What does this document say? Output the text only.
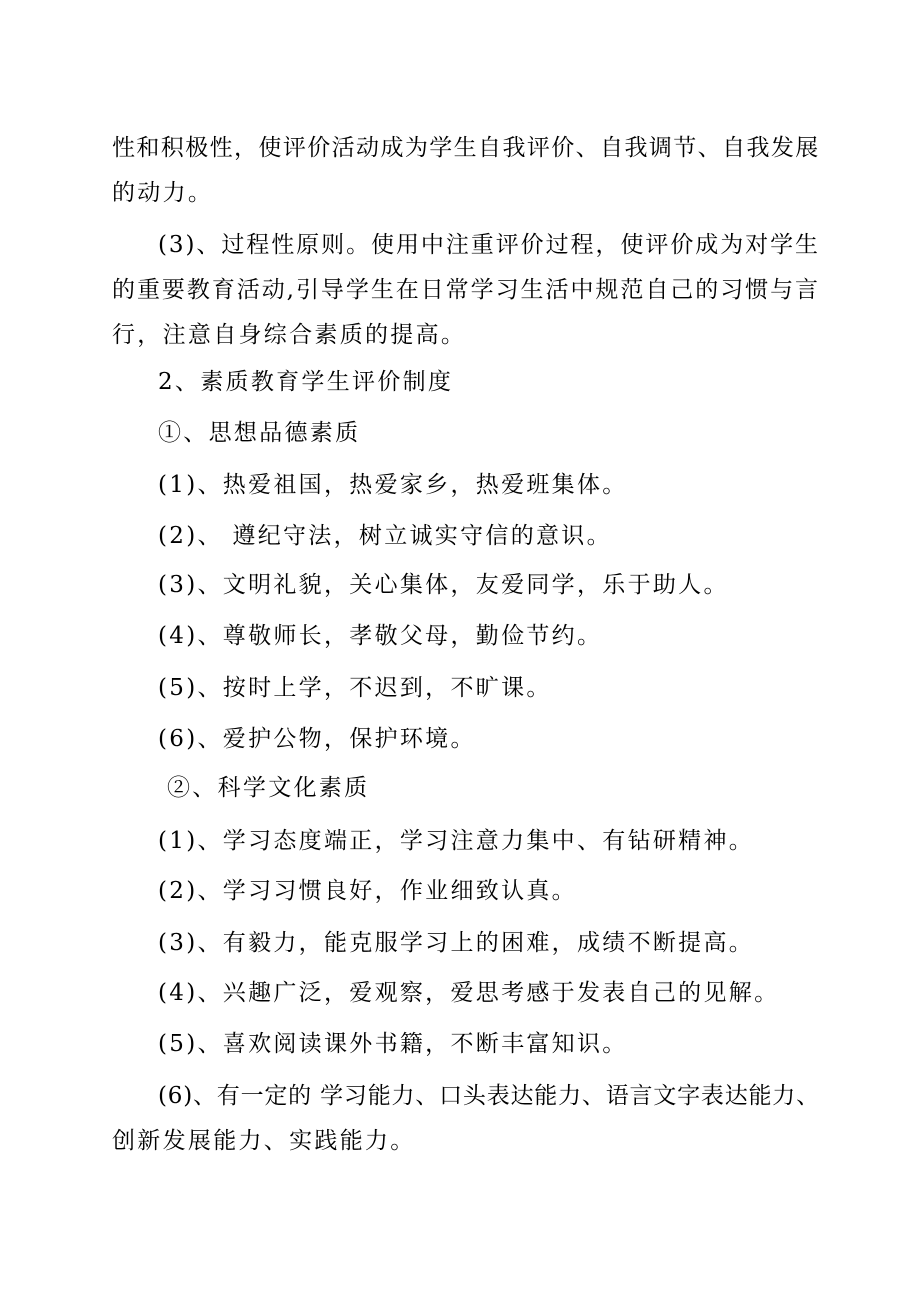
性和积极性，使评价活动成为学生自我评价、自我调节、自我发展
的动力。
(3)、过程性原则。使用中注重评价过程，使评价成为对学生
的重要教育活动,引导学生在日常学习生活中规范自己的习惯与言
行，注意自身综合素质的提高。
2、素质教育学生评价制度
①、思想品德素质
(1)、热爱祖国，热爱家乡，热爱班集体。
(2)、 遵纪守法，树立诚实守信的意识。
(3)、文明礼貌，关心集体，友爱同学，乐于助人。
(4)、尊敬师长，孝敬父母，勤俭节约。
(5)、按时上学，不迟到，不旷课。
(6)、爱护公物，保护环境。
②、科学文化素质
(1)、学习态度端正，学习注意力集中、有钻研精神。
(2)、学习习惯良好，作业细致认真。
(3)、有毅力，能克服学习上的困难，成绩不断提高。
(4)、兴趣广泛，爱观察，爱思考感于发表自己的见解。
(5)、喜欢阅读课外书籍，不断丰富知识。
(6)、有一定的 学习能力、口头表达能力、语言文字表达能力、
创新发展能力、实践能力。
